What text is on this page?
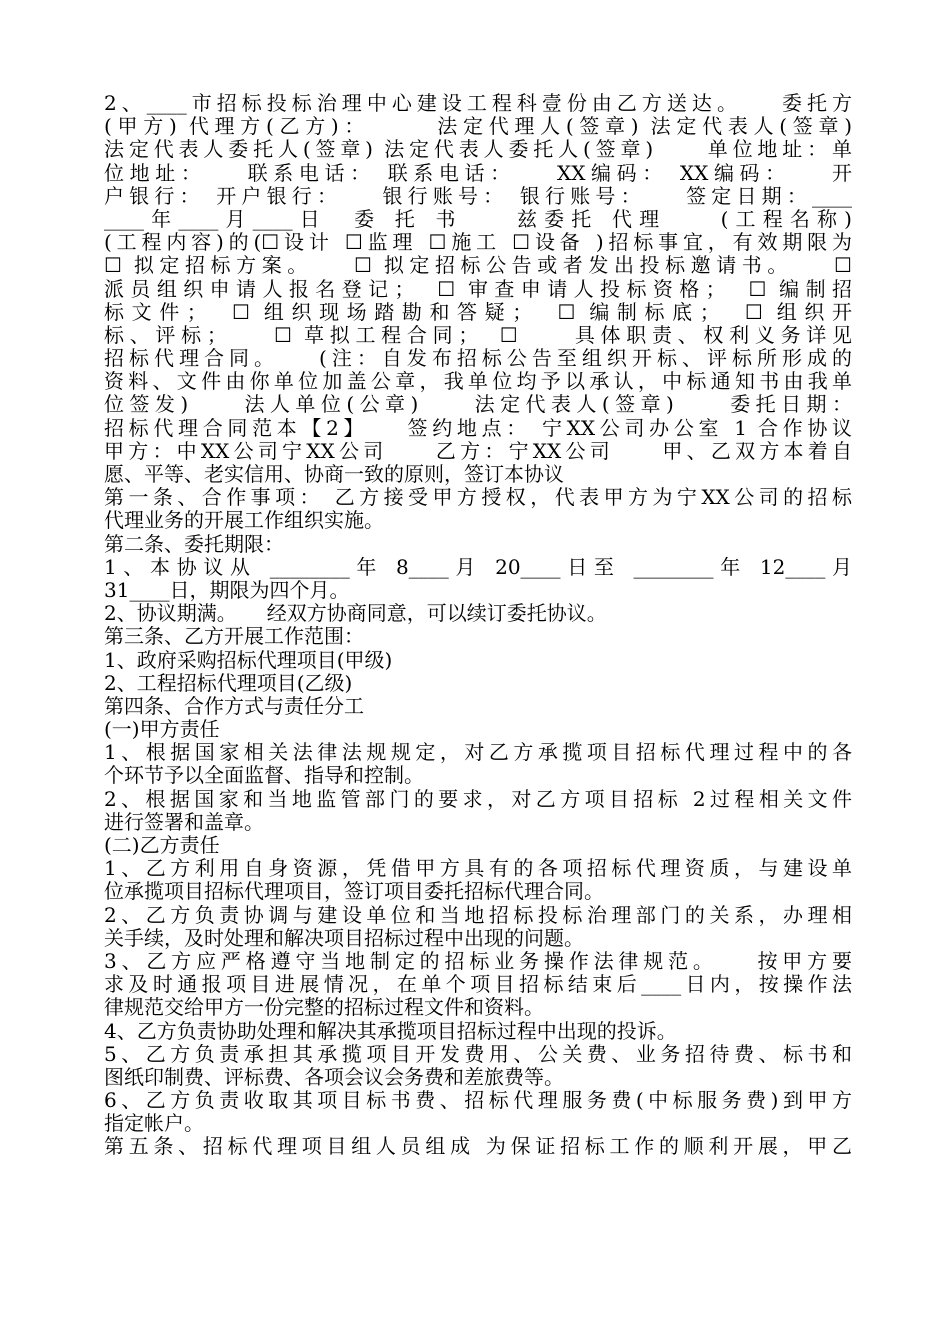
2、____市招标投标治理中心建设工程科壹份由乙方送达。　　委托方
(甲方) 代理方(乙方)：　　　法定代理人(签章) 法定代表人(签章)
法定代表人委托人(签章) 法定代表人委托人(签章)　　单位地址：单
位地址：　　联系电话： 联系电话：　　XX编码： XX编码：　　开
户银行： 开户银行：　　银行账号： 银行账号：　　签定日期：____
____年____月____日　委 托 书　　兹委托 代理　　(工程名称)
(工程内容)的(☐设计 ☐监理 ☐施工 ☐设备 )招标事宜，有效期限为
☐ 拟定招标方案。　　☐ 拟定招标公告或者发出投标邀请书。　　☐
派员组织申请人报名登记；　☐ 审查申请人投标资格；　☐ 编制招
标文件；　☐ 组织现场踏勘和答疑；　☐ 编制标底；　☐ 组织开
标、评标；　　☐ 草拟工程合同；　☐　　具体职责、权利义务详见
招标代理合同。　　(注：自发布招标公告至组织开标、评标所形成的
资料、文件由你单位加盖公章，我单位均予以承认，中标通知书由我单
位签发)　　法人单位(公章)　　法定代表人(签章)　　委托日期：
招标代理合同范本【2】　　签约地点： 宁XX公司办公室 1 合作协议
甲方：中XX公司宁XX公司　　乙方：宁XX公司　　甲、乙双方本着自
愿、平等、老实信用、协商一致的原则，签订本协议
第一条、合作事项： 乙方接受甲方授权，代表甲方为宁XX公司的招标
代理业务的开展工作组织实施。
第二条、委托期限：
1、本协议从 ________年 8____月 20____日至 ________年 12____月
31____日，期限为四个月。
2、协议期满。　　经双方协商同意，可以续订委托协议。
第三条、乙方开展工作范围：
1、政府采购招标代理项目(甲级)
2、工程招标代理项目(乙级)
第四条、合作方式与责任分工
(一)甲方责任
1、根据国家相关法律法规规定，对乙方承揽项目招标代理过程中的各
个环节予以全面监督、指导和控制。
2、根据国家和当地监管部门的要求，对乙方项目招标 2过程相关文件
进行签署和盖章。
(二)乙方责任
1、乙方利用自身资源，凭借甲方具有的各项招标代理资质，与建设单
位承揽项目招标代理项目，签订项目委托招标代理合同。
2、乙方负责协调与建设单位和当地招标投标治理部门的关系，办理相
关手续，及时处理和解决项目招标过程中出现的问题。
3、乙方应严格遵守当地制定的招标业务操作法律规范。　　按甲方要
求及时通报项目进展情况，在单个项目招标结束后____日内，按操作法
律规范交给甲方一份完整的招标过程文件和资料。
4、乙方负责协助处理和解决其承揽项目招标过程中出现的投诉。
5、乙方负责承担其承揽项目开发费用、公关费、业务招待费、标书和
图纸印制费、评标费、各项会议会务费和差旅费等。
6、乙方负责收取其项目标书费、招标代理服务费(中标服务费)到甲方
指定帐户。
第五条、招标代理项目组人员组成 为保证招标工作的顺利开展，甲乙
